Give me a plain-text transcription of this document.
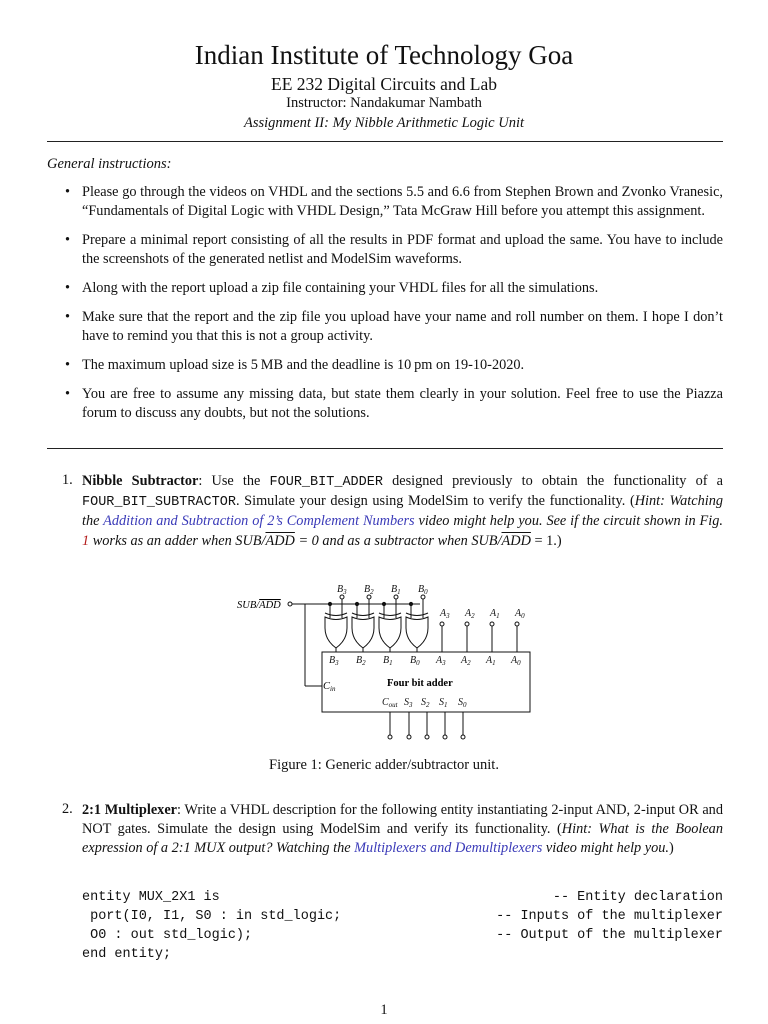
Indian Institute of Technology Goa
EE 232 Digital Circuits and Lab
Instructor: Nandakumar Nambath
Assignment II: My Nibble Arithmetic Logic Unit
General instructions:
• Please go through the videos on VHDL and the sections 5.5 and 6.6 from Stephen Brown and Zvonko Vranesic, “Fundamentals of Digital Logic with VHDL Design,” Tata McGraw Hill before you attempt this assignment.
• Prepare a minimal report consisting of all the results in PDF format and upload the same. You have to include the screenshots of the generated netlist and ModelSim waveforms.
• Along with the report upload a zip file containing your VHDL files for all the simulations.
• Make sure that the report and the zip file you upload have your name and roll number on them. I hope I don’t have to remind you that this is not a group activity.
• The maximum upload size is 5 MB and the deadline is 10 pm on 19-10-2020.
• You are free to assume any missing data, but state them clearly in your solution. Feel free to use the Piazza forum to discuss any doubts, but not the solutions.
1. Nibble Subtractor: Use the FOUR_BIT_ADDER designed previously to obtain the functionality of a FOUR_BIT_SUBTRACTOR. Simulate your design using ModelSim to verify the functionality. (Hint: Watching the Addition and Subtraction of 2’s Complement Numbers video might help you. See if the circuit shown in Fig. 1 works as an adder when SUB/$\overline{ADD} = 0$ and as a subtractor when SUB/$\overline{ADD} = 1$.)
SUB/ADD
Four bit adder
Cin
$B_3$
$B_3$
$B_2$
$B_2$
$B_1$
$B_1$
$B_0$
$B_0$
$A_3$
$A_3$
$A_2$
$A_2$
$A_1$
$A_1$
$A_0$
$A_0$
$C_{out}$ $S_3$ $S_2$ $S_1$ $S_0$
Figure 1: Generic adder/subtractor unit.
2. 2:1 Multiplexer: Write a VHDL description for the following entity instantiating 2-input AND, 2-input OR and NOT gates. Simulate the design using ModelSim and verify its functionality. (Hint: What is the Boolean expression of a 2:1 MUX output? Watching the Multiplexers and Demultiplexers video might help you.)
entity MUX_2X1 is	-- Entity declaration
port(I0, I1, S0 : in std_logic;	-- Inputs of the multiplexer
O0 : out std_logic);	-- Output of the multiplexer
end entity;
1
